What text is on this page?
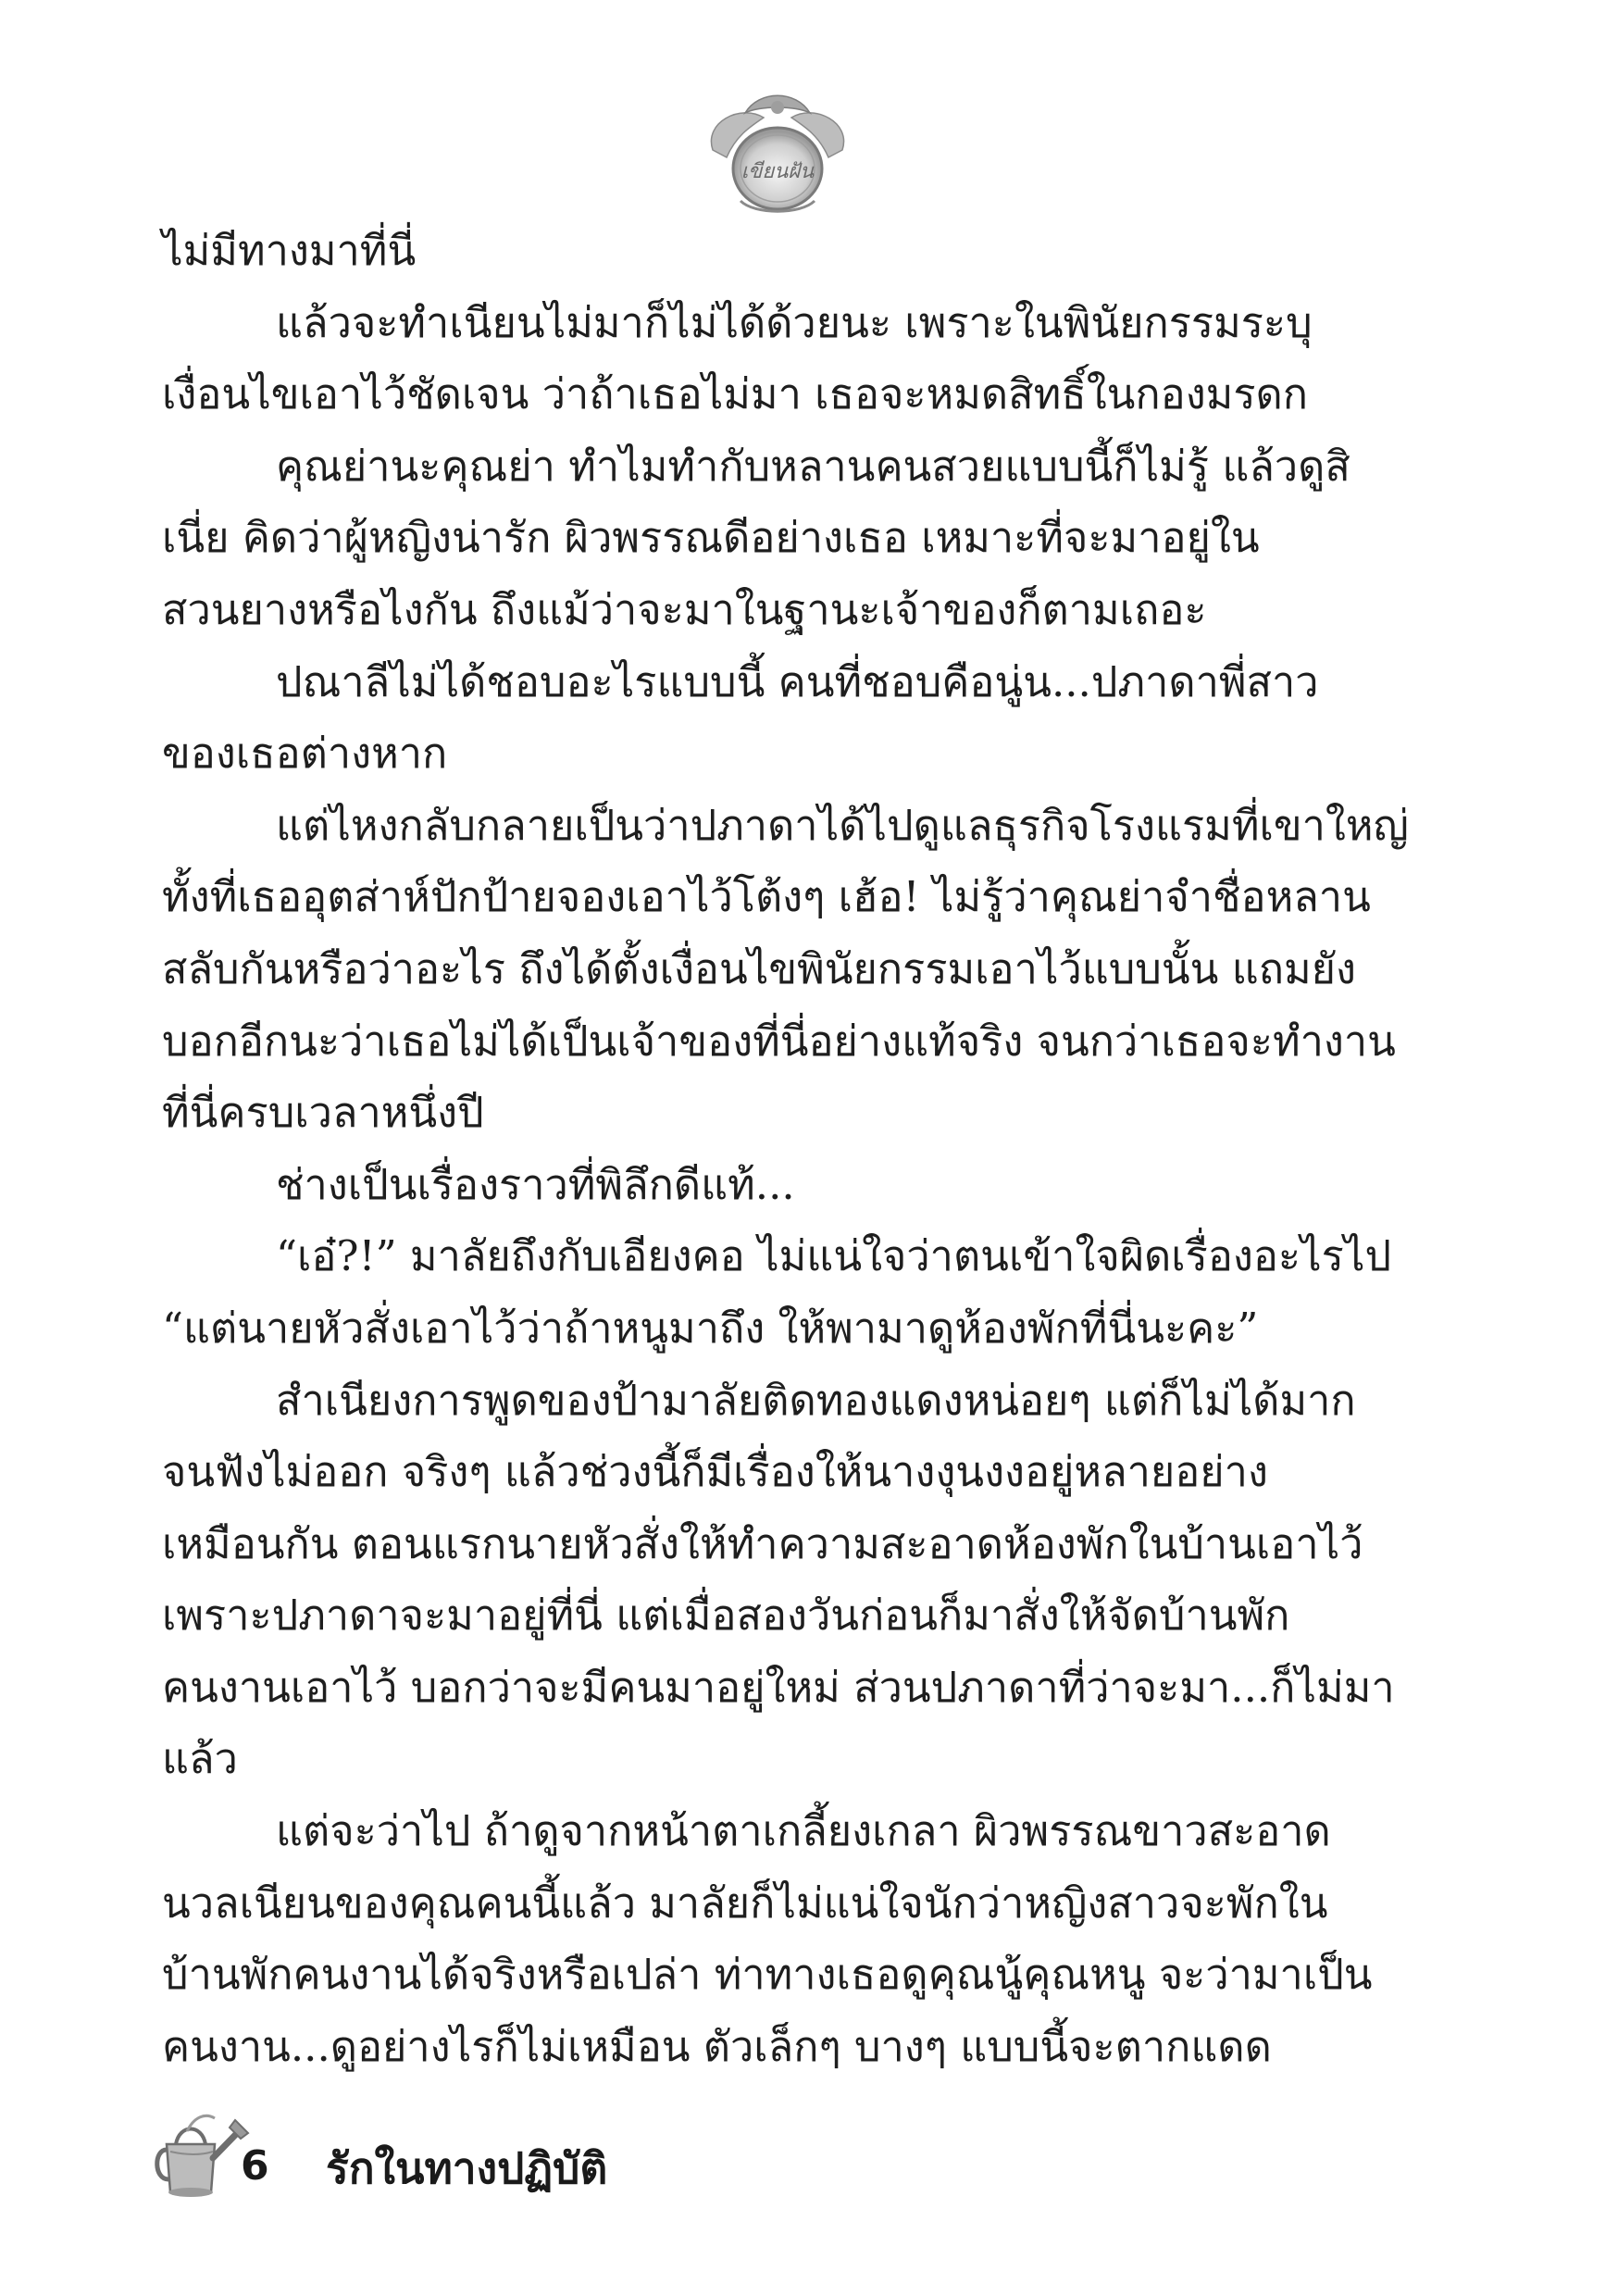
เขียนฝัน
ไม่มีทางมาที่นี่
แล้วจะทำเนียนไม่มาก็ไม่ได้ด้วยนะ เพราะในพินัยกรรมระบุ
เงื่อนไขเอาไว้ชัดเจน ว่าถ้าเธอไม่มา เธอจะหมดสิทธิ์ในกองมรดก
คุณย่านะคุณย่า ทำไมทำกับหลานคนสวยแบบนี้ก็ไม่รู้ แล้วดูสิ
เนี่ย คิดว่าผู้หญิงน่ารัก ผิวพรรณดีอย่างเธอ เหมาะที่จะมาอยู่ใน
สวนยางหรือไงกัน ถึงแม้ว่าจะมาในฐานะเจ้าของก็ตามเถอะ
ปณาลีไม่ได้ชอบอะไรแบบนี้ คนที่ชอบคือนู่น...ปภาดาพี่สาว
ของเธอต่างหาก
แต่ไหงกลับกลายเป็นว่าปภาดาได้ไปดูแลธุรกิจโรงแรมที่เขาใหญ่
ทั้งที่เธออุตส่าห์ปักป้ายจองเอาไว้โต้งๆ เฮ้อ! ไม่รู้ว่าคุณย่าจำชื่อหลาน
สลับกันหรือว่าอะไร ถึงได้ตั้งเงื่อนไขพินัยกรรมเอาไว้แบบนั้น แถมยัง
บอกอีกนะว่าเธอไม่ได้เป็นเจ้าของที่นี่อย่างแท้จริง จนกว่าเธอจะทำงาน
ที่นี่ครบเวลาหนึ่งปี
ช่างเป็นเรื่องราวที่พิลึกดีแท้...
“เอ๋?!” มาลัยถึงกับเอียงคอ ไม่แน่ใจว่าตนเข้าใจผิดเรื่องอะไรไป
“แต่นายหัวสั่งเอาไว้ว่าถ้าหนูมาถึง ให้พามาดูห้องพักที่นี่นะคะ”
สำเนียงการพูดของป้ามาลัยติดทองแดงหน่อยๆ แต่ก็ไม่ได้มาก
จนฟังไม่ออก จริงๆ แล้วช่วงนี้ก็มีเรื่องให้นางงุนงงอยู่หลายอย่าง
เหมือนกัน ตอนแรกนายหัวสั่งให้ทำความสะอาดห้องพักในบ้านเอาไว้
เพราะปภาดาจะมาอยู่ที่นี่ แต่เมื่อสองวันก่อนก็มาสั่งให้จัดบ้านพัก
คนงานเอาไว้ บอกว่าจะมีคนมาอยู่ใหม่ ส่วนปภาดาที่ว่าจะมา...ก็ไม่มา
แล้ว
แต่จะว่าไป ถ้าดูจากหน้าตาเกลี้ยงเกลา ผิวพรรณขาวสะอาด
นวลเนียนของคุณคนนี้แล้ว มาลัยก็ไม่แน่ใจนักว่าหญิงสาวจะพักใน
บ้านพักคนงานได้จริงหรือเปล่า ท่าทางเธอดูคุณนู้คุณหนู จะว่ามาเป็น
คนงาน...ดูอย่างไรก็ไม่เหมือน ตัวเล็กๆ บางๆ แบบนี้จะตากแดด
6 รักในทางปฏิบัติ
